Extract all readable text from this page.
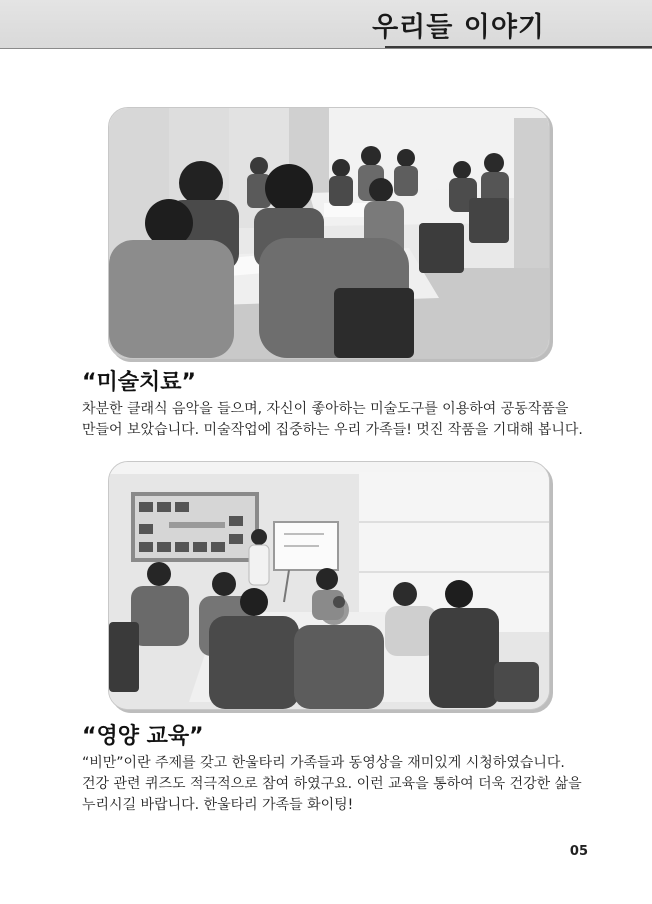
우리들 이야기
“미술치료”

차분한 클래식 음악을 들으며, 자신이 좋아하는 미술도구를 이용하여 공동작품을

만들어 보았습니다. 미술작업에 집중하는 우리 가족들! 멋진 작품을 기대해 봅니다.

“영양 교육”

“비만”이란 주제를 갖고 한울타리 가족들과 동영상을 재미있게 시청하였습니다.

건강 관련 퀴즈도 적극적으로 참여 하였구요. 이런 교육을 통하여 더욱 건강한 삶을

누리시길 바랍니다. 한울타리 가족들 화이팅!

05
